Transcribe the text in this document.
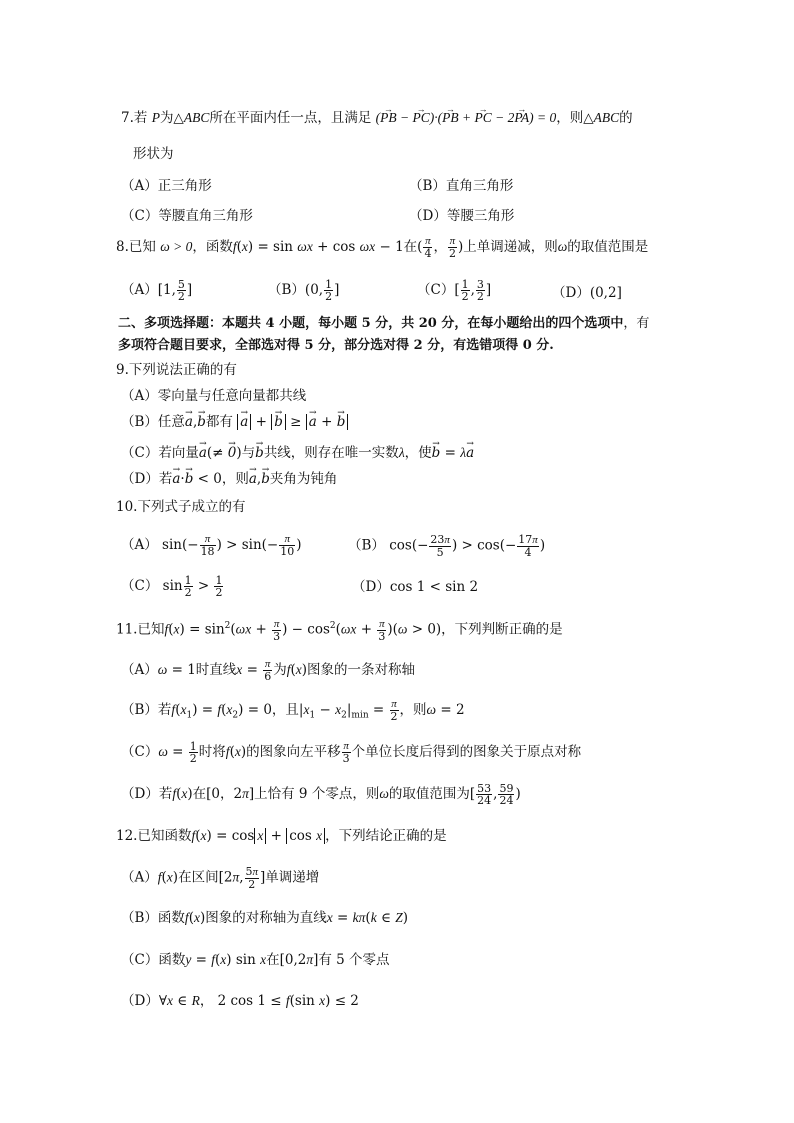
7.若 P为△ABC所在平面内任一点，且满足 (→ PB − → PC)·(→ PB + → PC − 2→ PA) = 0，则△ABC的
形状为
（A）正三角形	（B）直角三角形
（C）等腰直角三角形	（D）等腰三角形
8.已知 ω > 0，函数f(x) = sin ωx + cos ωx − 1在( $\frac{\pi}{4}$ ， $\frac{\pi}{2}$ )上单调递减，则ω的取值范围是
（A）[1, $\frac{5}{2}$ ]	（B）(0, $\frac{1}{2}$ ]	$(C)[ \frac{1}{2}$ , $\frac{3}{2}$ ]	（D）(0,2]
二、多项选择题：本题共 4 小题，每小题 5 分，共 20 分，在每小题给出的四个选项中，有
多项符合题目要求，全部选对得 5 分，部分选对得 2 分，有选错项得 0 分.
9.下列说法正确的有
（A）零向量与任意向量都共线
（B）任意→ a,→ b都有 → a + → b ≥ → a + → b
（C）若向量→ a(≠ → 0)与→ b共线，则存在唯一实数λ，使→ b = λ→ a
（D）若→ a·→ b < 0，则→ a,→ b夹角为钝角
10.下列式子成立的有
（A） $\sin(- \frac{\pi}{18}$ ) > $\sin(- \frac{\pi}{10}$ )	（B） $\cos(- \frac{23\pi}{5}$ ) > $\cos(- \frac{17\pi}{4}$ )
（C） $\sin \frac{1}{2} > \frac{1}{2}$	（D）cos 1 < sin 2
11.已知$f(x) = \sin^2(\omega x + \frac{\pi}{3}$ ) − $\cos^2(\omega x + \frac{\pi}{3} )(\omega > 0)$，下列判断正确的是
（A）ω = 1时直线$x = \frac{\pi}{6}$ 为f(x)图象的一条对称轴
（B）若$f(x_1) = f(x_2) = 0$，且$|x_1 - x_2|_{min} = \frac{\pi}{2}$ ，则ω = 2
$(C)\omega = \frac{1}{2}$ 时将f(x)的图象向左平移 $\frac{\pi}{3}$ 个单位长度后得到的图象关于原点对称
（D）若f(x)在[0，2π]上恰有 9 个零点，则ω的取值范围为[ $\frac{53}{24}$ , $\frac{59}{24}$ )
12.已知函数f(x) = cos x + cos x ，下列结论正确的是
（A）f(x)在区间[2π, $\frac{5\pi}{2}$ ]单调递增
（B）函数f(x)图象的对称轴为直线x = kπ(k ∈ Z)
（C）函数y = f(x) sin x在[0,2π]有 5 个零点
（D）∀x ∈ R， 2 cos 1 ≤ f(sin x) ≤ 2
